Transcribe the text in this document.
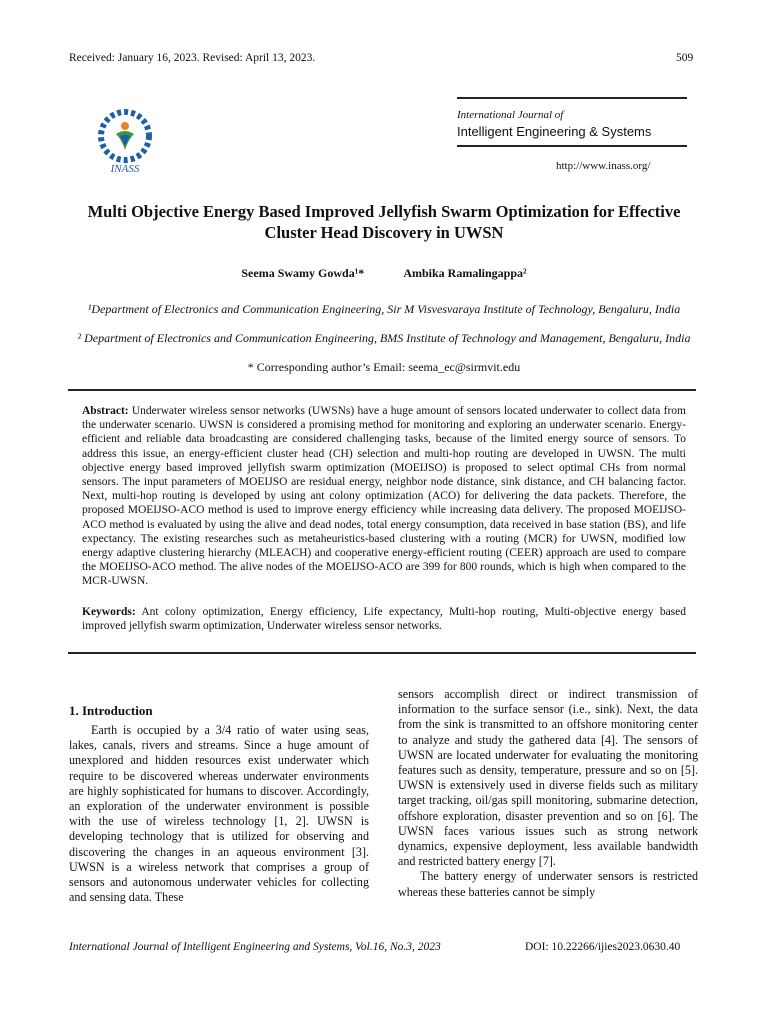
Received: January 16, 2023. Revised: April 13, 2023.	509
INASS
International Journal of
Intelligent Engineering & Systems
http://www.inass.org/
Multi Objective Energy Based Improved Jellyfish Swarm Optimization for Effective Cluster Head Discovery in UWSN
Seema Swamy Gowda¹*	Ambika Ramalingappa²
¹Department of Electronics and Communication Engineering, Sir M Visvesvaraya Institute of Technology, Bengaluru, India
² Department of Electronics and Communication Engineering, BMS Institute of Technology and Management, Bengaluru, India
* Corresponding author’s Email: seema_ec@sirmvit.edu
Abstract: Underwater wireless sensor networks (UWSNs) have a huge amount of sensors located underwater to collect data from the underwater scenario. UWSN is considered a promising method for monitoring and exploring an underwater scenario. Energy-efficient and reliable data broadcasting are considered challenging tasks, because of the limited energy source of sensors. To address this issue, an energy-efficient cluster head (CH) selection and multi-hop routing are developed in UWSN. The multi objective energy based improved jellyfish swarm optimization (MOEIJSO) is proposed to select optimal CHs from normal sensors. The input parameters of MOEIJSO are residual energy, neighbor node distance, sink distance, and CH balancing factor. Next, multi-hop routing is developed by using ant colony optimization (ACO) for delivering the data packets. Therefore, the proposed MOEIJSO-ACO method is used to improve energy efficiency while increasing data delivery. The proposed MOEIJSO-ACO method is evaluated by using the alive and dead nodes, total energy consumption, data received in base station (BS), and life expectancy. The existing researches such as metaheuristics-based clustering with a routing (MCR) for UWSN, modified low energy adaptive clustering hierarchy (MLEACH) and cooperative energy-efficient routing (CEER) approach are used to compare the MOEIJSO-ACO method. The alive nodes of the MOEIJSO-ACO are 399 for 800 rounds, which is high when compared to the MCR-UWSN.
Keywords: Ant colony optimization, Energy efficiency, Life expectancy, Multi-hop routing, Multi-objective energy based improved jellyfish swarm optimization, Underwater wireless sensor networks.
1. Introduction

Earth is occupied by a 3/4 ratio of water using seas, lakes, canals, rivers and streams. Since a huge amount of unexplored and hidden resources exist underwater which require to be discovered whereas underwater environments are highly sophisticated for humans to discover. Accordingly, an exploration of the underwater environment is possible with the use of wireless technology [1, 2]. UWSN is developing technology that is utilized for observing and discovering the changes in an aqueous environment [3]. UWSN is a wireless network that comprises a group of sensors and autonomous underwater vehicles for collecting and sensing data. These

sensors accomplish direct or indirect transmission of information to the surface sensor (i.e., sink). Next, the data from the sink is transmitted to an offshore monitoring center to analyze and study the gathered data [4]. The sensors of UWSN are located underwater for evaluating the monitoring features such as density, temperature, pressure and so on [5]. UWSN is extensively used in diverse fields such as military target tracking, oil/gas spill monitoring, submarine detection, offshore exploration, disaster prevention and so on [6]. The UWSN faces various issues such as strong network dynamics, expensive deployment, less available bandwidth and restricted battery energy [7].

The battery energy of underwater sensors is restricted whereas these batteries cannot be simply

International Journal of Intelligent Engineering and Systems, Vol.16, No.3, 2023	DOI: 10.22266/ijies2023.0630.40
